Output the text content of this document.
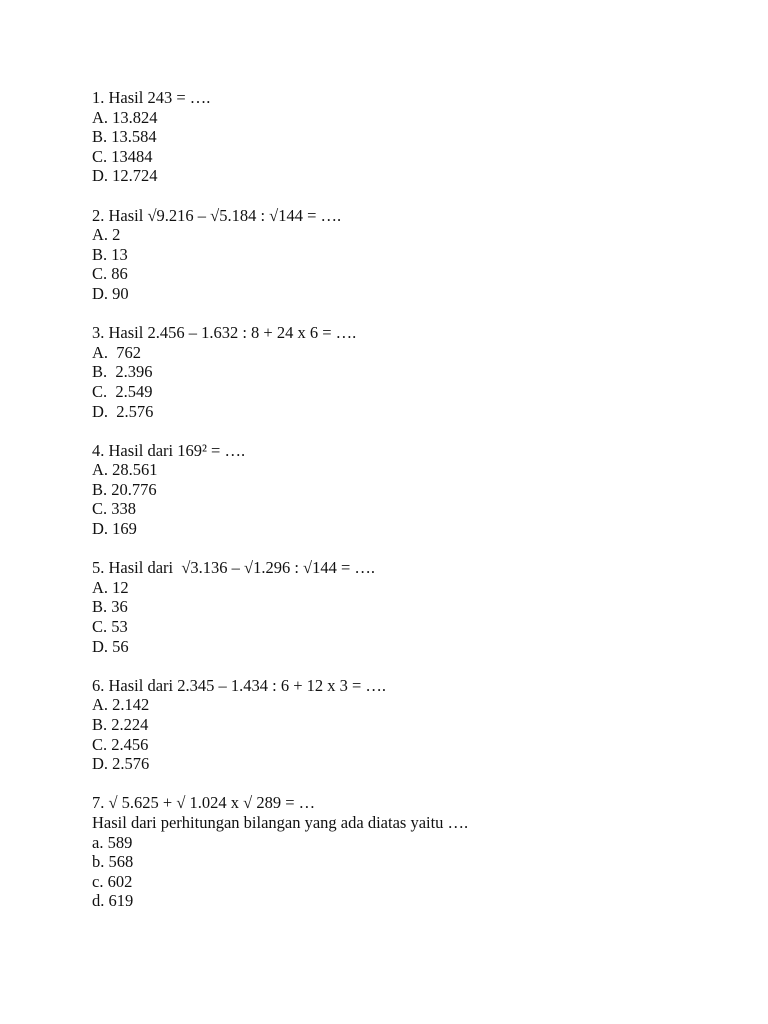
1. Hasil 243 = ….
A. 13.824
B. 13.584
C. 13484
D. 12.724
2. Hasil √9.216 – √5.184 : √144 = ….
A. 2
B. 13
C. 86
D. 90
3. Hasil 2.456 – 1.632 : 8 + 24 x 6 = ….
A.  762
B.  2.396
C.  2.549
D.  2.576
4. Hasil dari 169² = ….
A. 28.561
B. 20.776
C. 338
D. 169
5. Hasil dari  √3.136 – √1.296 : √144 = ….
A. 12
B. 36
C. 53
D. 56
6. Hasil dari 2.345 – 1.434 : 6 + 12 x 3 = ….
A. 2.142
B. 2.224
C. 2.456
D. 2.576
7. √ 5.625 + √ 1.024 x √ 289 = …
Hasil dari perhitungan bilangan yang ada diatas yaitu ….
a. 589
b. 568
c. 602
d. 619
